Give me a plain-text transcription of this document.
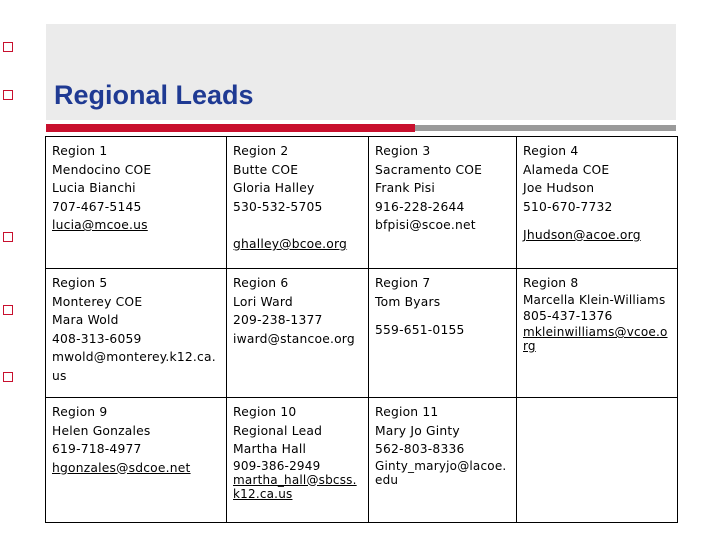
Regional Leads
Region 1
Mendocino COE
Lucia Bianchi
707-467-5145
lucia@mcoe.us	Region 2
Butte COE
Gloria Halley
530-532-5705
ghalley@bcoe.org	Region 3
Sacramento COE
Frank Pisi
916-228-2644
bfpisi@scoe.net	Region 4
Alameda COE
Joe Hudson
510-670-7732
Jhudson@acoe.org

Region 5
Monterey COE
Mara Wold
408-313-6059
mwold@monterey.k12.ca.us	Region 6
Lori Ward
209-238-1377
iward@stancoe.org	Region 7
Tom Byars
559-651-0155	Region 8
Marcella Klein-Williams
805-437-1376
mkleinwilliams@vcoe.org

Region 9
Helen Gonzales
619-718-4977
hgonzales@sdcoe.net	Region 10
Regional Lead
Martha Hall
909-386-2949
martha_hall@sbcss.k12.ca.us	Region 11
Mary Jo Ginty
562-803-8336
Ginty_maryjo@lacoe.edu	
